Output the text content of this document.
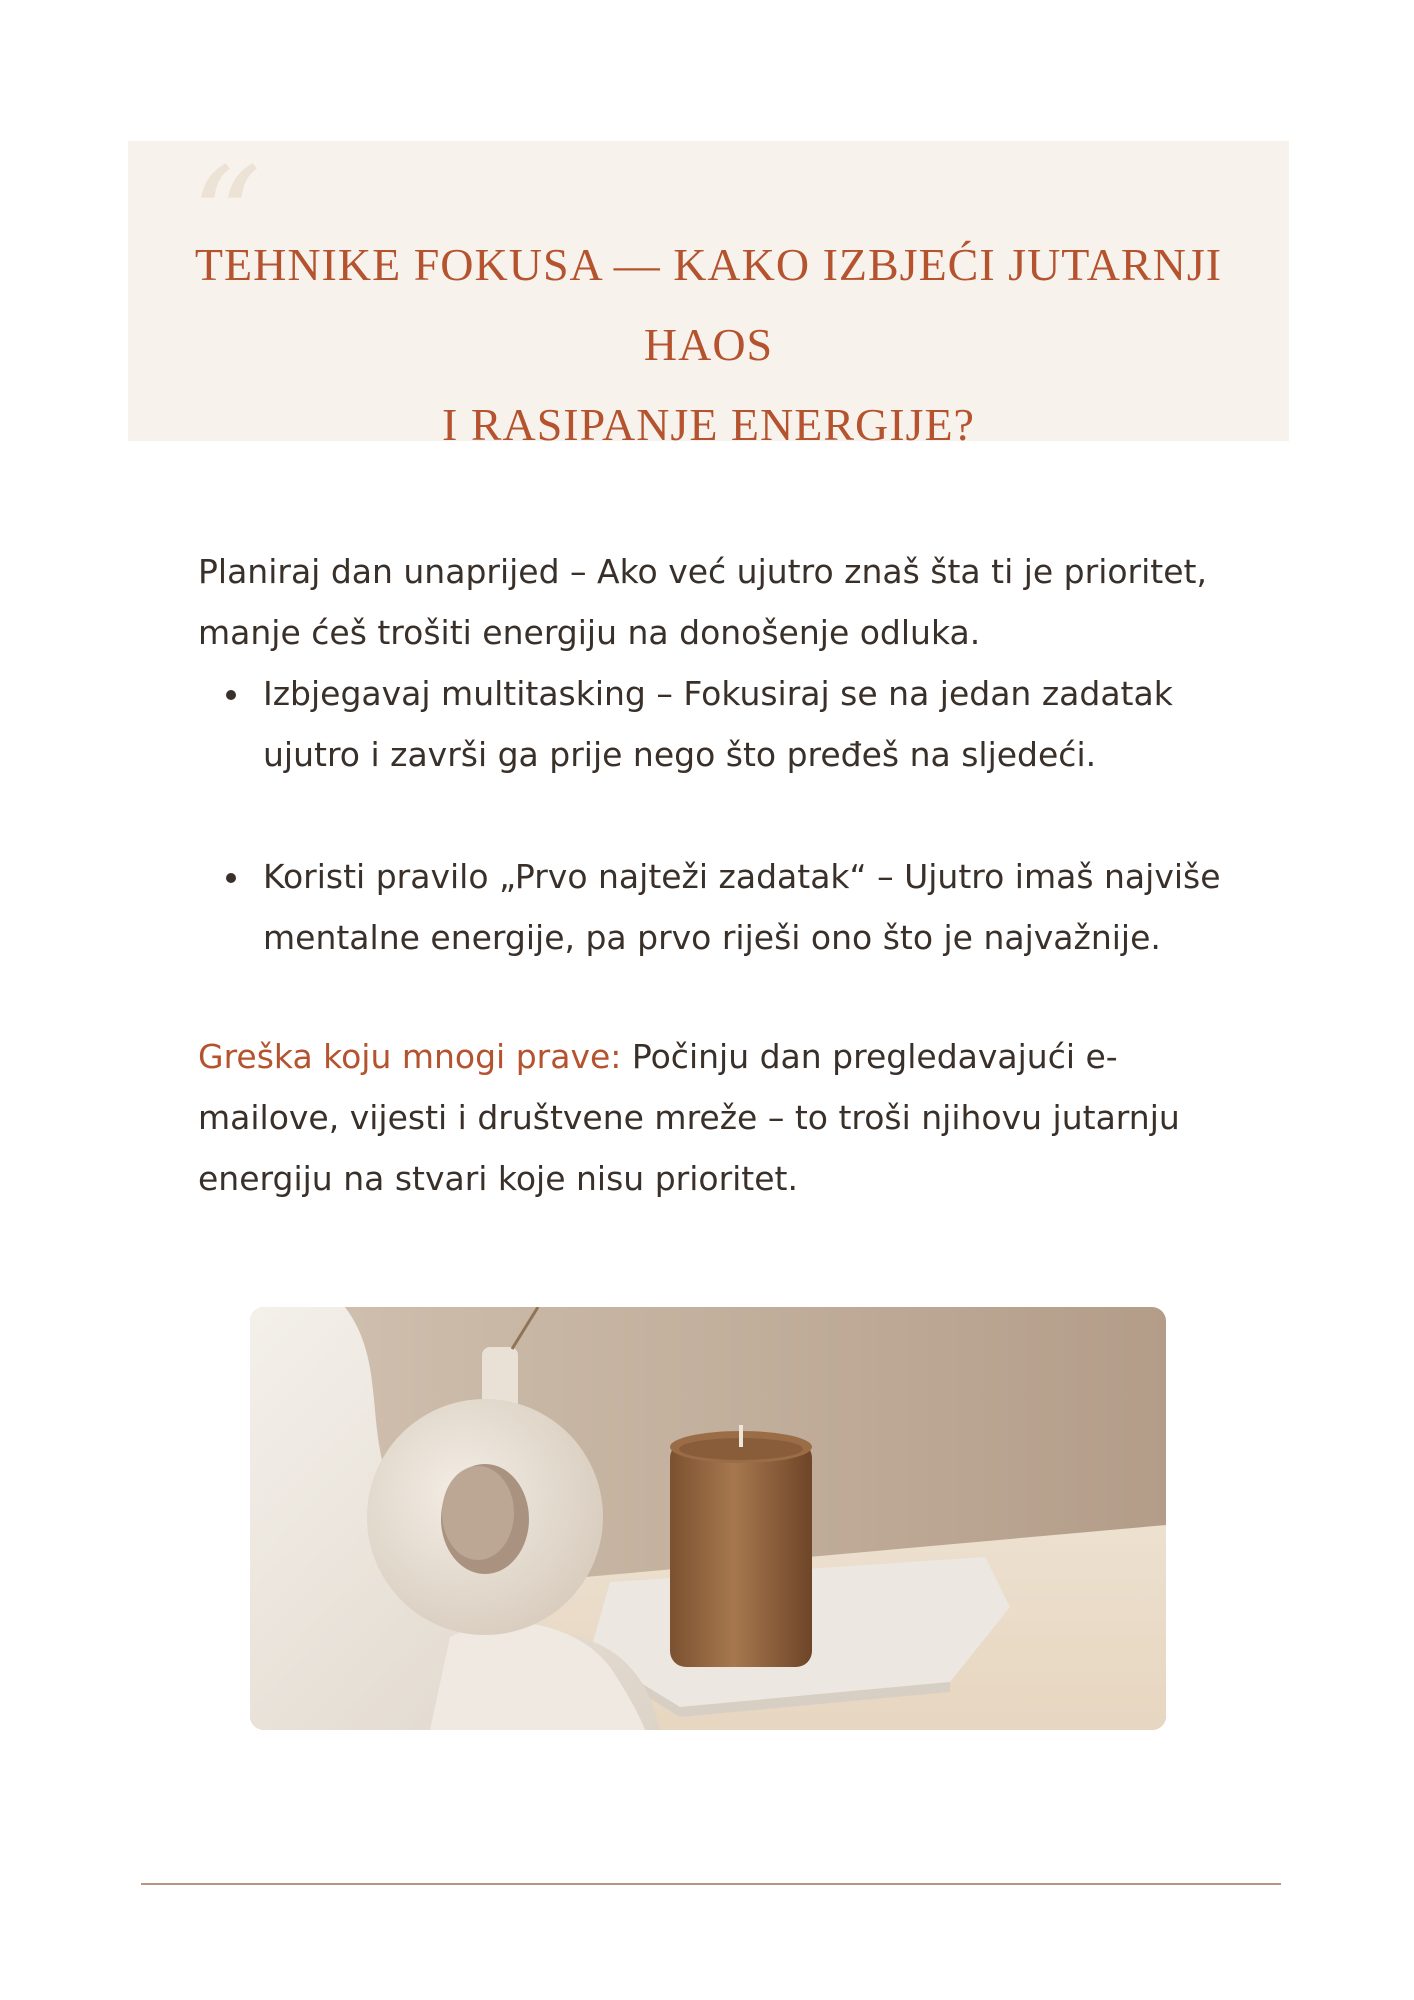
“
TEHNIKE FOKUSA — KAKO IZBJEĆI JUTARNJI HAOS
I RASIPANJE ENERGIJE?

Planiraj dan unaprijed – Ako već ujutro znaš šta ti je prioritet, manje ćeš trošiti energiju na donošenje odluka.

Izbjegavaj multitasking – Fokusiraj se na jedan zadatak ujutro i završi ga prije nego što pređeš na sljedeći.
Koristi pravilo „Prvo najteži zadatak“ – Ujutro imaš najviše mentalne energije, pa prvo riješi ono što je najvažnije.

Greška koju mnogi prave: Počinju dan pregledavajući e-mailove, vijesti i društvene mreže – to troši njihovu jutarnju energiju na stvari koje nisu prioritet.
